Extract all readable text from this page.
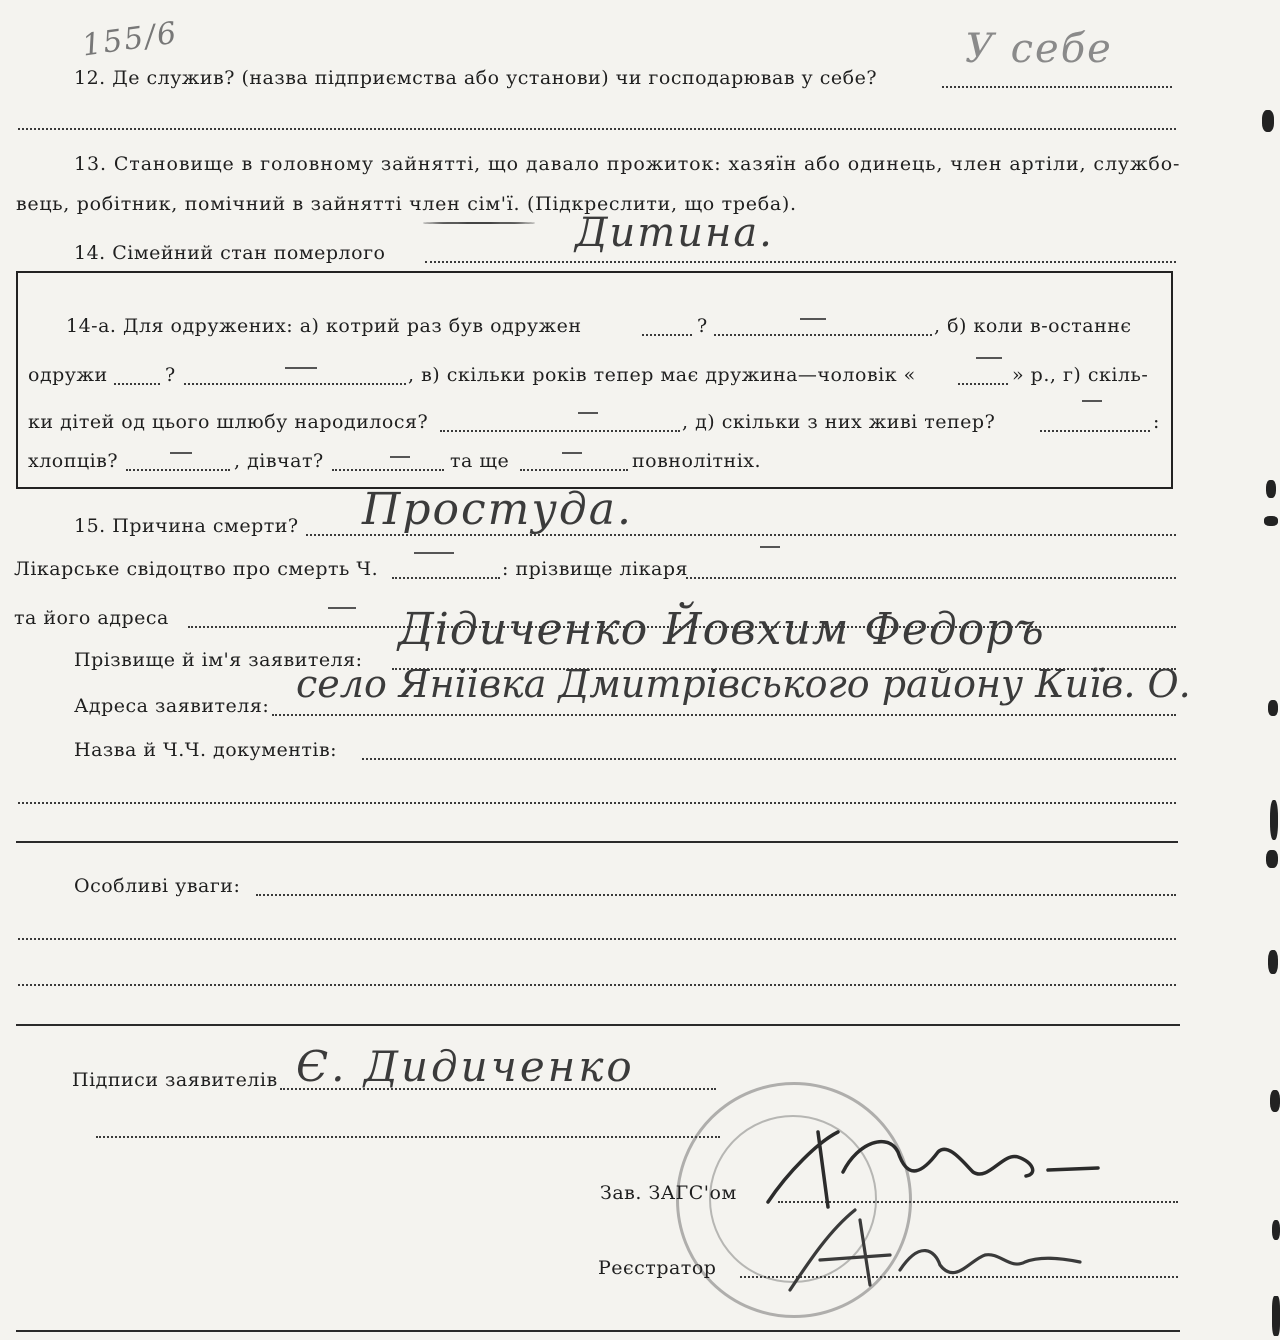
155/6
12. Де служив? (назва підприємства або установи) чи господарював у себе?
У себе
13. Становище в головному зайнятті, що давало прожиток: хазяїн або одинець, член артіли, службо-
вець, робітник, помічний в зайнятті член сім'ї. (Підкреслити, що треба).
14. Сімейний стан померлого	Дитина.
14-а. Для одружених: а) котрий раз був одружен	?	, б) коли в-останнє
одружи	?	, в) скільки років тепер має дружина—чоловік «	» р., г) скіль-
ки дітей од цього шлюбу народилося?	, д) скільки з них живі тепер?	:
хлопців?	, дівчат?	та ще	повнолітніх.
15. Причина смерти? Простуда.
Лікарське свідоцтво про смерть Ч.	: прізвище лікаря
та його адреса
Прізвище й ім'я заявителя:
Дідиченко Йовхим Федоръ
Адреса заявителя: село Яніівка Дмитрівського району Київ. О.
Назва й Ч.Ч. документів:
Особливі уваги:
Підписи заявителів Є. Дидиченко
Зав. ЗАГС'ом
Реєстратор
